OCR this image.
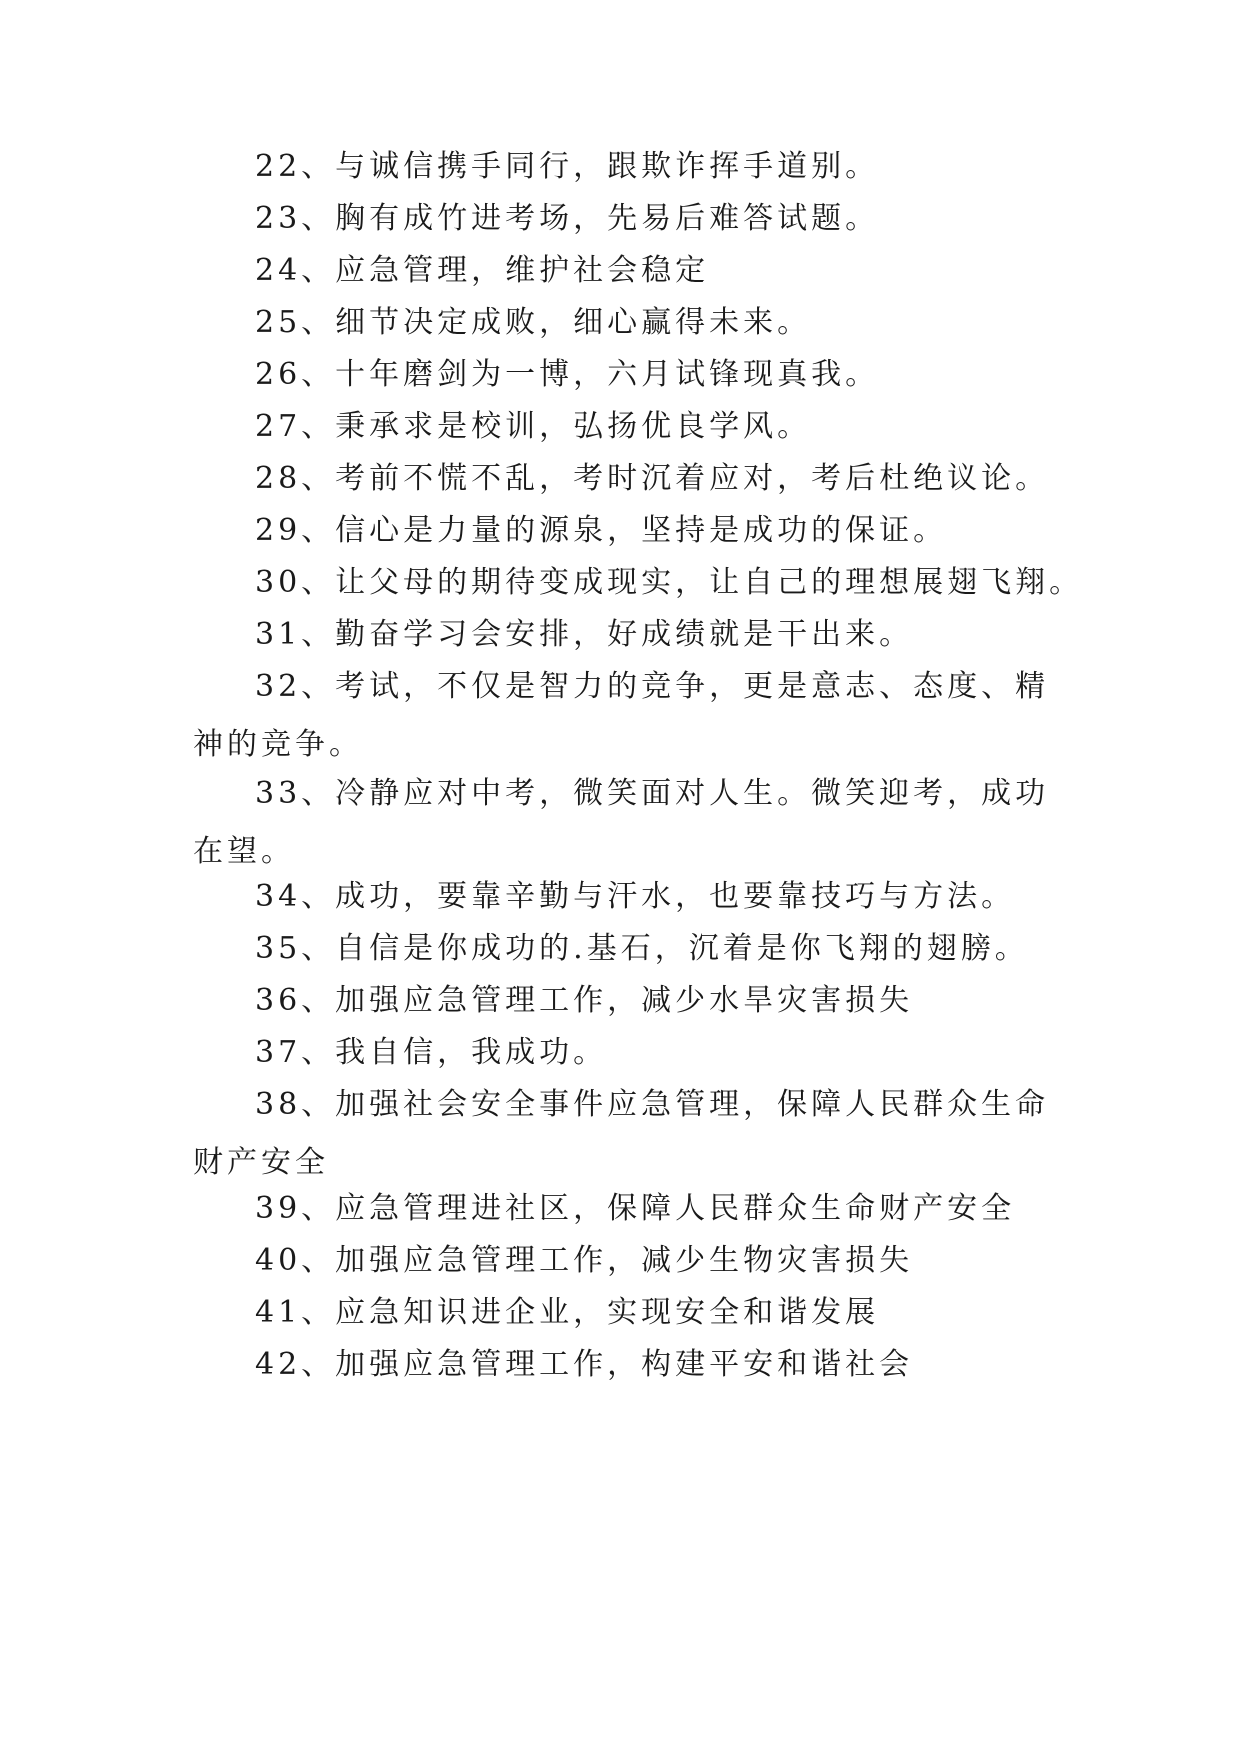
22、与诚信携手同行，跟欺诈挥手道别。

23、胸有成竹进考场，先易后难答试题。

24、应急管理，维护社会稳定

25、细节决定成败，细心赢得未来。

26、十年磨剑为一博，六月试锋现真我。

27、秉承求是校训，弘扬优良学风。

28、考前不慌不乱，考时沉着应对，考后杜绝议论。

29、信心是力量的源泉，坚持是成功的保证。

30、让父母的期待变成现实，让自己的理想展翅飞翔。

31、勤奋学习会安排，好成绩就是干出来。

32、考试，不仅是智力的竞争，更是意志、态度、精神的竞争。

33、冷静应对中考，微笑面对人生。微笑迎考，成功在望。

34、成功，要靠辛勤与汗水，也要靠技巧与方法。

35、自信是你成功的.基石，沉着是你飞翔的翅膀。

36、加强应急管理工作，减少水旱灾害损失

37、我自信，我成功。

38、加强社会安全事件应急管理，保障人民群众生命财产安全

39、应急管理进社区，保障人民群众生命财产安全

40、加强应急管理工作，减少生物灾害损失

41、应急知识进企业，实现安全和谐发展

42、加强应急管理工作，构建平安和谐社会
